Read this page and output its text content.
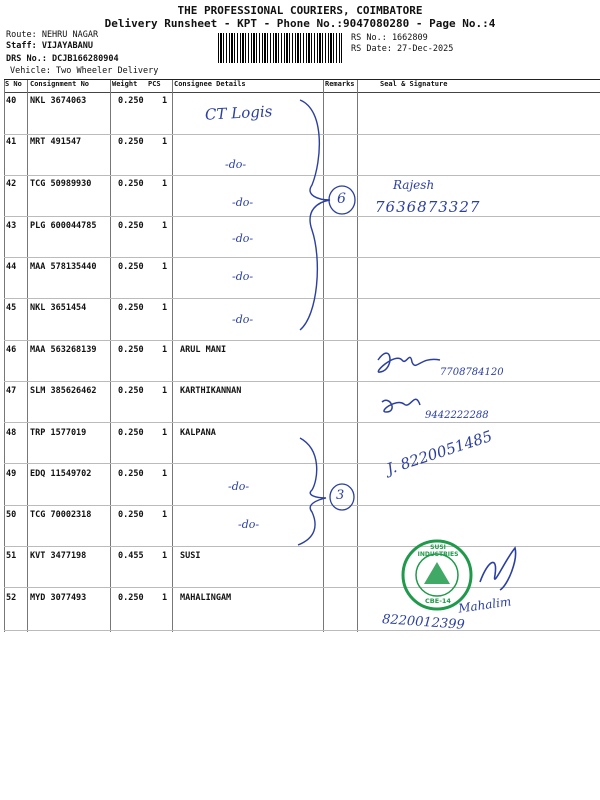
THE PROFESSIONAL COURIERS, COIMBATORE
Delivery Runsheet - KPT - Phone No.:9047080280 - Page No.:4
Route: NEHRU NAGAR
Staff: VIJAYABANU
DRS No.: DCJB166280904
Vehicle: Two Wheeler Delivery
RS No.: 1662809
RS Date: 27-Dec-2025
S No Consignment No	Weight PCS Consignee Details	Remarks	Seal & Signature
40 NKL 3674063	0.250 1
41 MRT 491547	0.250 1
42 TCG 50989930	0.250 1
43 PLG 600044785	0.250 1
44 MAA 578135440	0.250 1
45 NKL 3651454	0.250 1
46 MAA 563268139	0.250 1 ARUL MANI
47 SLM 385626462	0.250 1 KARTHIKANNAN
48 TRP 1577019	0.250 1 KALPANA
49 EDQ 11549702	0.250 1
50 TCG 70002318	0.250 1
51 KVT 3477198	0.455 1 SUSI
52 MYD 3077493	0.250 1 MAHALINGAM
CT Logis
-do-
-do-
-do-
-do-
-do-
6
Rajesh
7636873327
7708784120
9442222288
J. 8220051485
-do-
-do-
3
Mahalim
8220012399
SUSI INDUSTRIES
CBE-14
